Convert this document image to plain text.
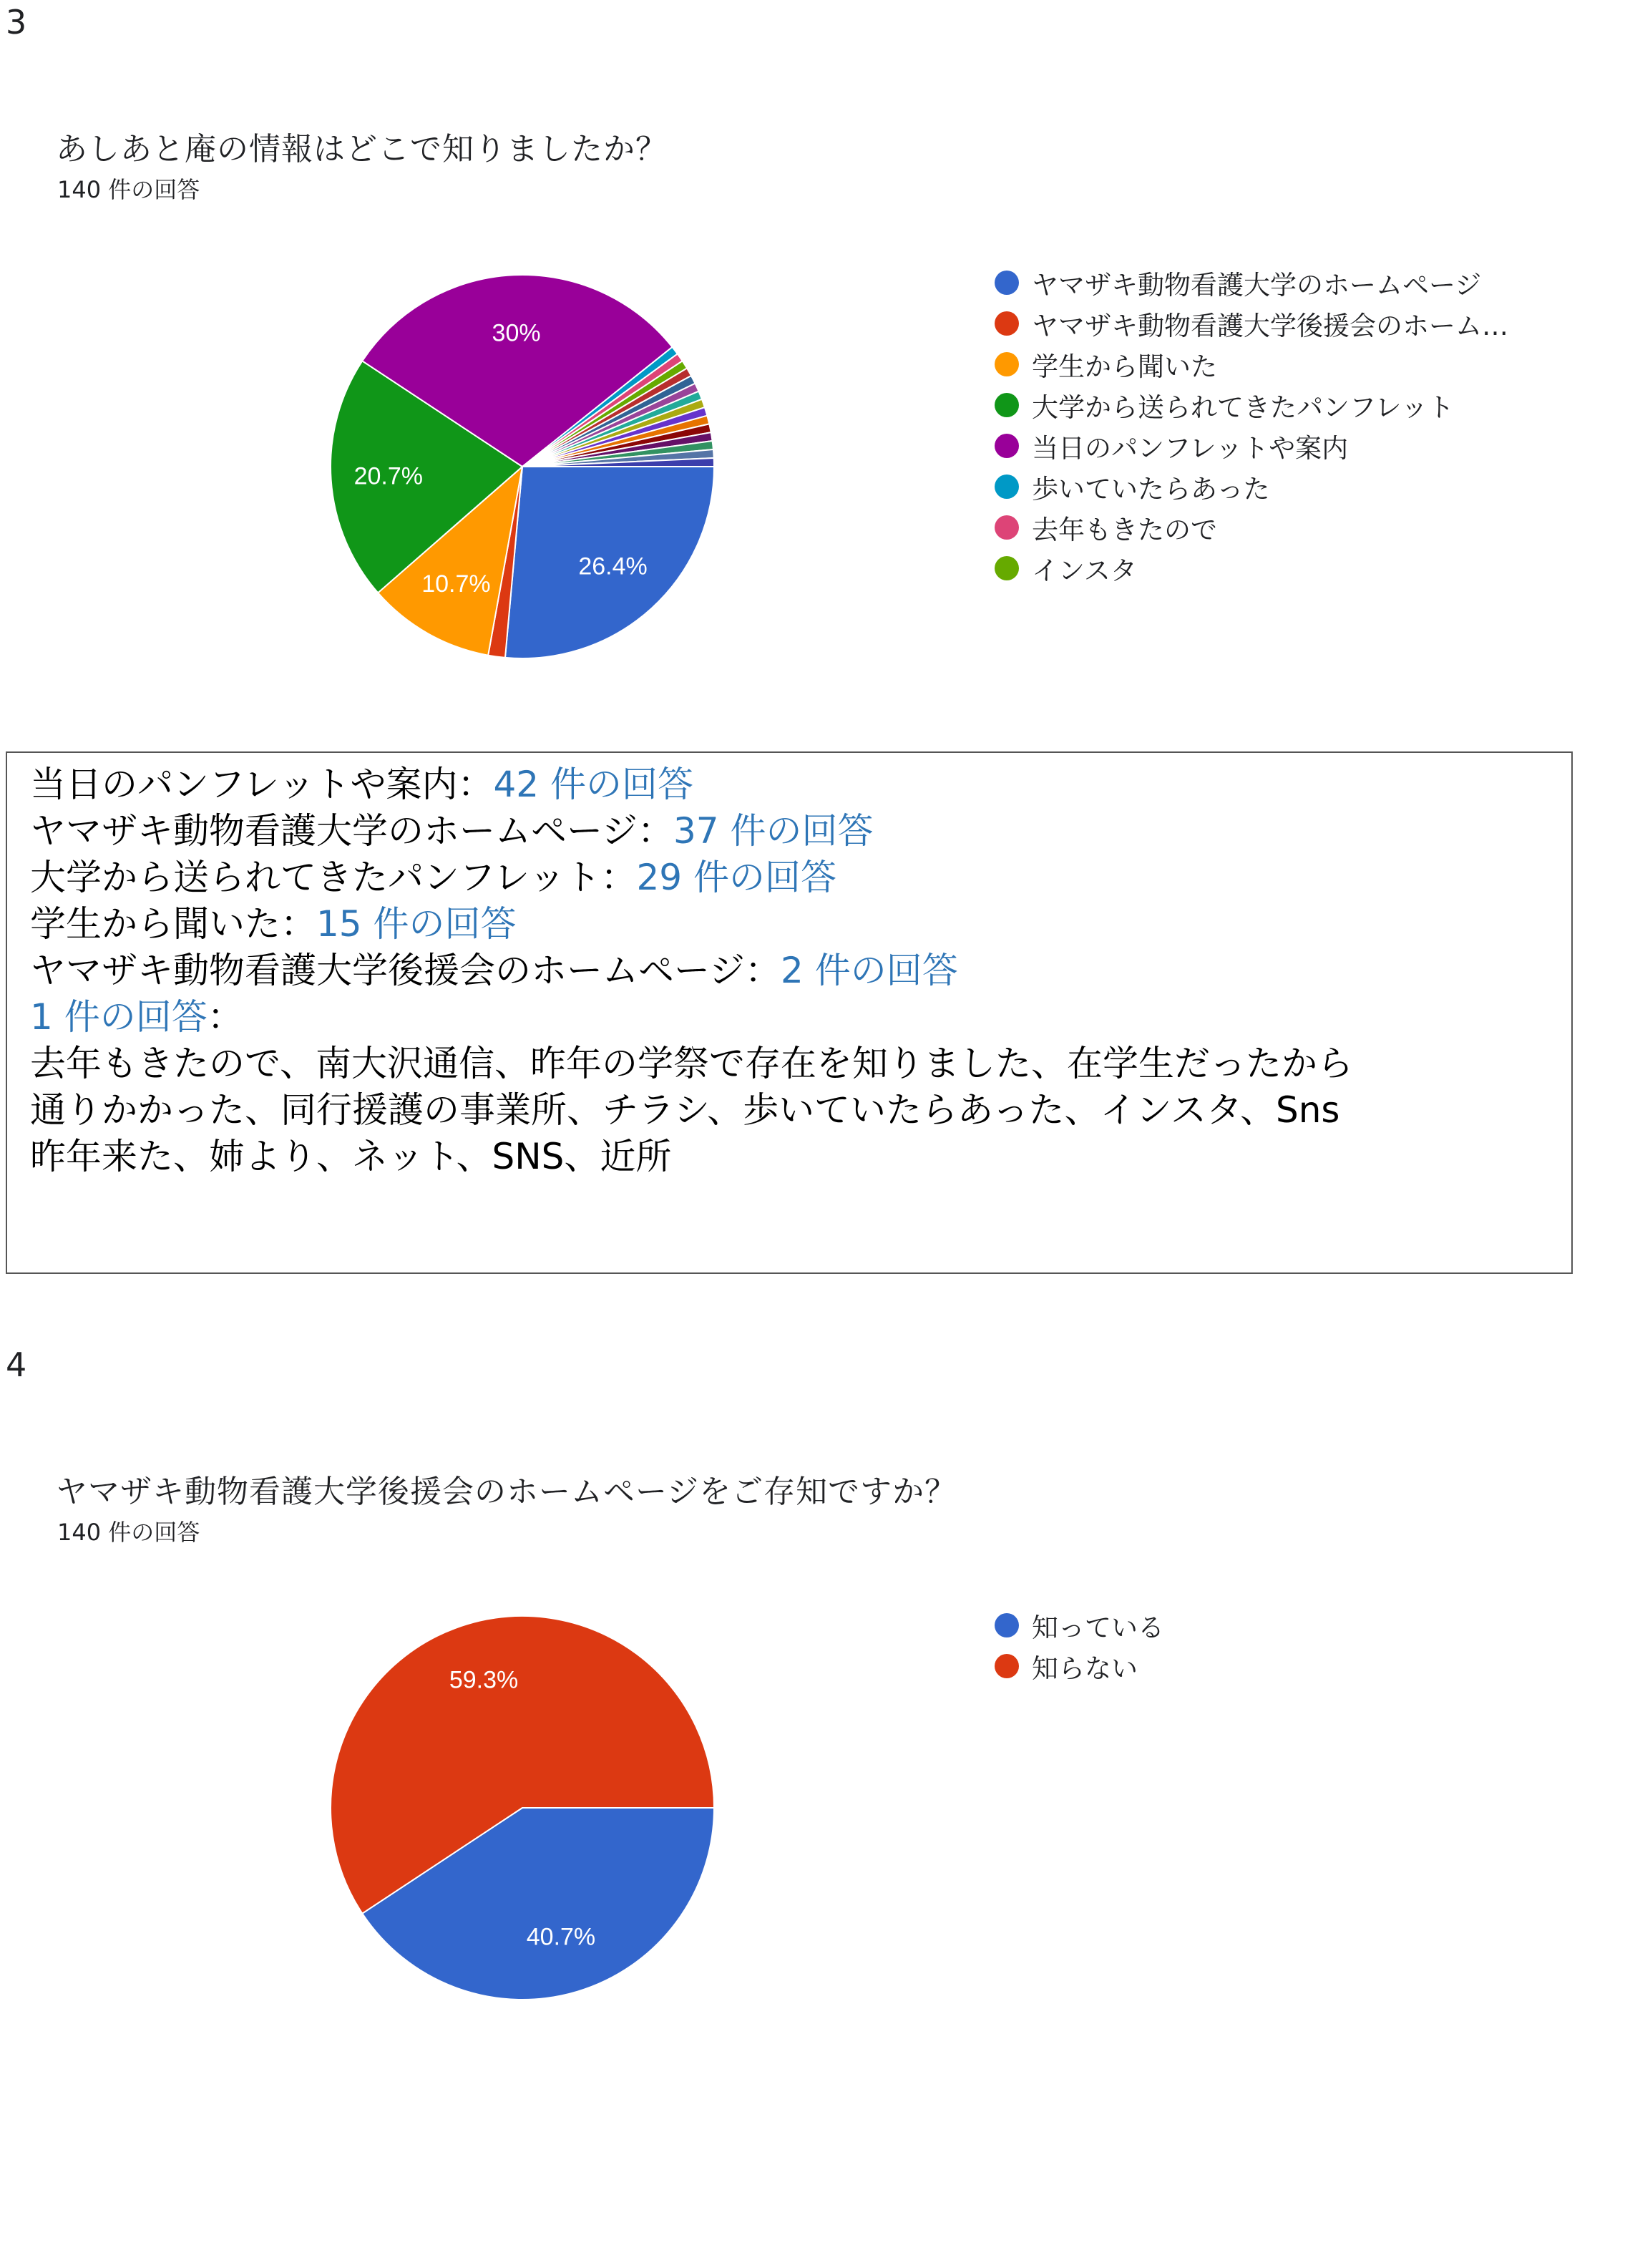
3
あしあと庵の情報はどこで知りましたか？
140 件の回答
26.4%
10.7%
20.7%
30%
ヤマザキ動物看護大学のホームページ
ヤマザキ動物看護大学後援会のホーム…
学生から聞いた
大学から送られてきたパンフレット
当日のパンフレットや案内
歩いていたらあった
去年もきたので
インスタ
当日のパンフレットや案内：42 件の回答
ヤマザキ動物看護大学のホームページ：37 件の回答
大学から送られてきたパンフレット：29 件の回答
学生から聞いた：15 件の回答
ヤマザキ動物看護大学後援会のホームページ：2 件の回答
1 件の回答：
去年もきたので、南大沢通信、昨年の学祭で存在を知りました、在学生だったから
通りかかった、同行援護の事業所、チラシ、歩いていたらあった、インスタ、Sns
昨年来た、姉より、ネット、SNS、近所
4
ヤマザキ動物看護大学後援会のホームページをご存知ですか？
140 件の回答
40.7%
59.3%
知っている
知らない
